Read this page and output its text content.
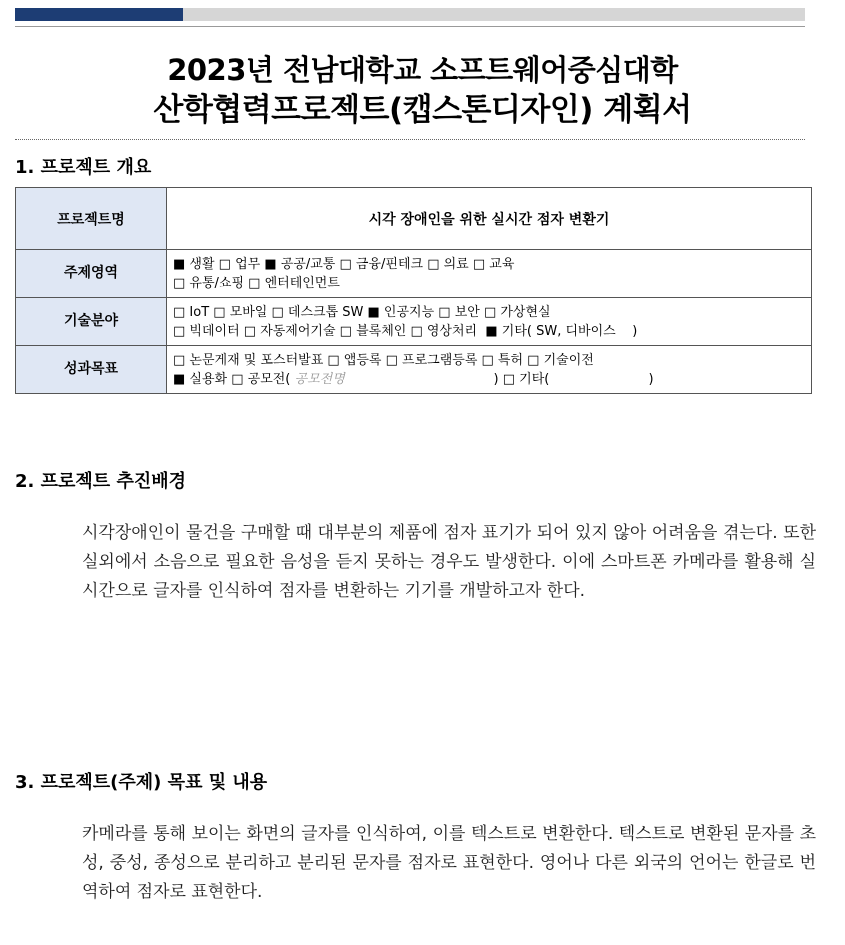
2023년 전남대학교 소프트웨어중심대학
산학협력프로젝트(캡스톤디자인) 계획서
1. 프로젝트 개요
프로젝트명	시각 장애인을 위한 실시간 점자 변환기
주제영역	■ 생활 □ 업무 ■ 공공/교통 □ 금융/핀테크 □ 의료 □ 교육
□ 유통/쇼핑 □ 엔터테인먼트

기술분야	□ IoT □ 모바일 □ 데스크톱 SW ■ 인공지능 □ 보안 □ 가상현실
□ 빅데이터 □ 자동제어기술 □ 블록체인 □ 영상처리  ■ 기타( SW, 디바이스    )

성과목표	□ 논문게재 및 포스터발표 □ 앱등록 □ 프로그램등록 □ 특허 □ 기술이전
■ 실용화 □ 공모전( 공모전명                                    ) □ 기타(                        )
2. 프로젝트 추진배경
시각장애인이 물건을 구매할 때 대부분의 제품에 점자 표기가 되어 있지 않아 어려움을 겪는다. 또한 실외에서 소음으로 필요한 음성을 듣지 못하는 경우도 발생한다. 이에 스마트폰 카메라를 활용해 실시간으로 글자를 인식하여 점자를 변환하는 기기를 개발하고자 한다.
3. 프로젝트(주제) 목표 및 내용
카메라를 통해 보이는 화면의 글자를 인식하여, 이를 텍스트로 변환한다. 텍스트로 변환된 문자를 초성, 중성, 종성으로 분리하고 분리된 문자를 점자로 표현한다. 영어나 다른 외국의 언어는 한글로 번역하여 점자로 표현한다.
